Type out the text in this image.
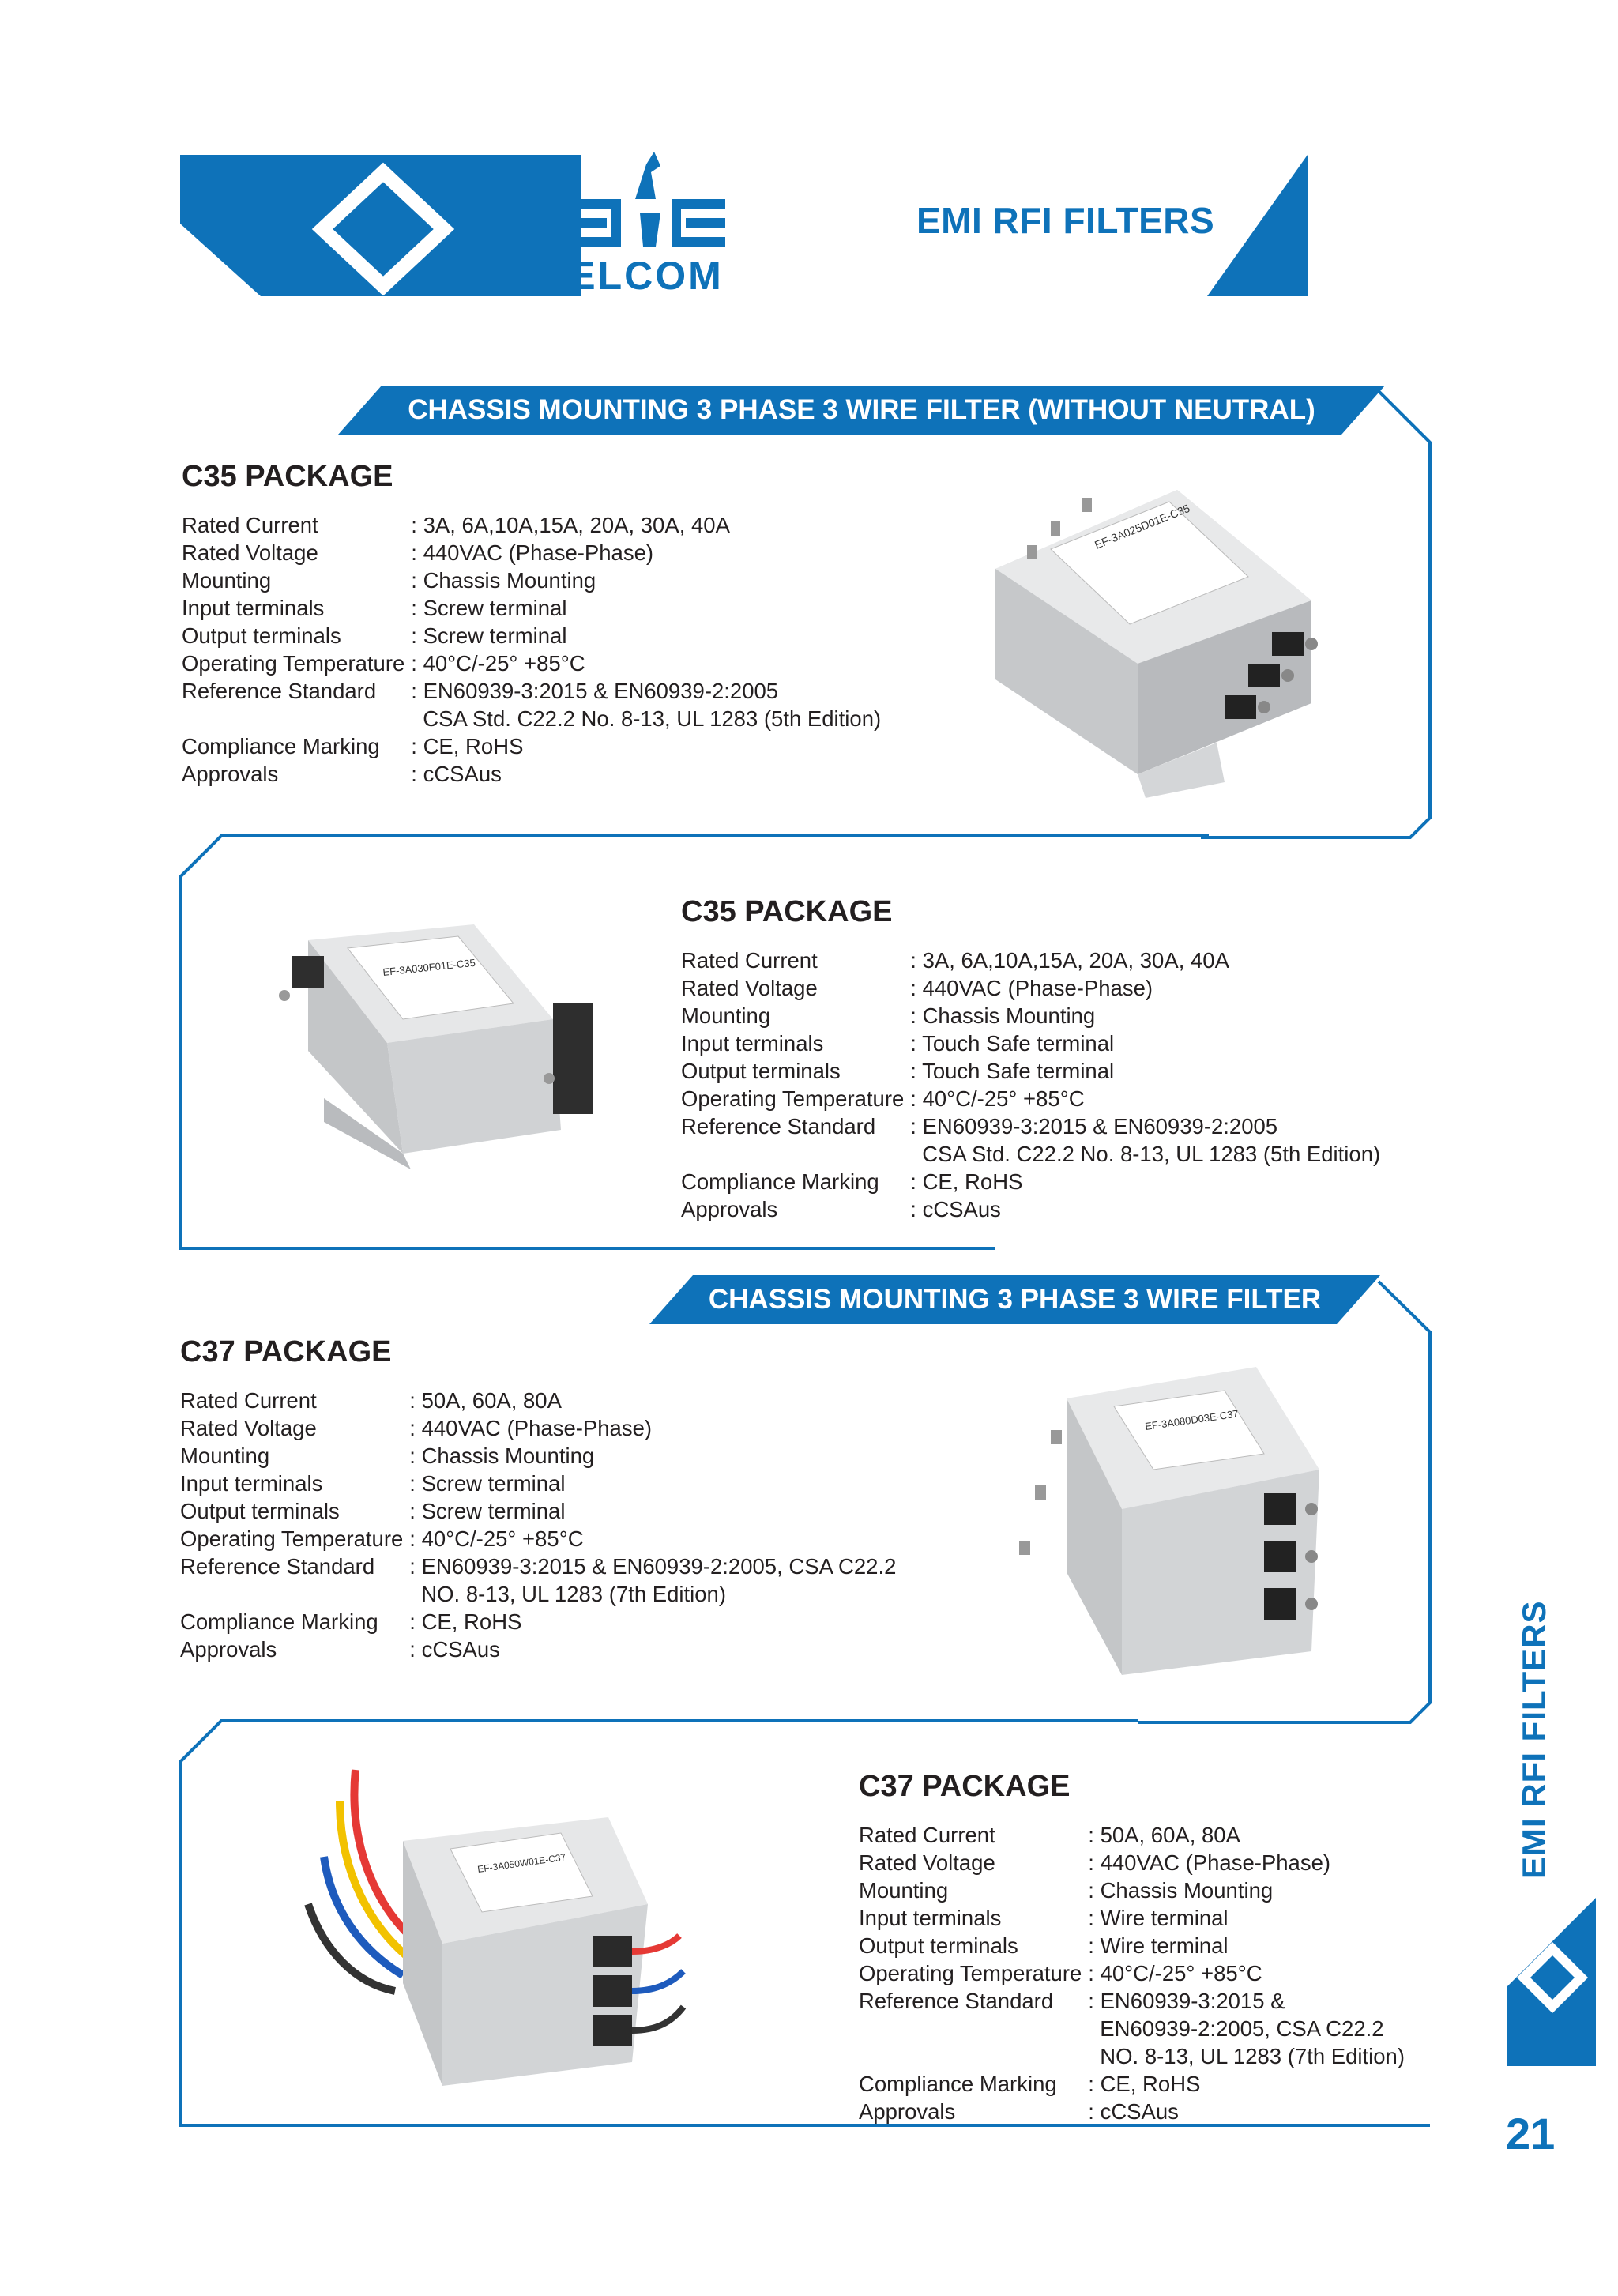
ELCOM
EMI RFI FILTERS
CHASSIS MOUNTING 3 PHASE 3 WIRE FILTER (WITHOUT NEUTRAL)
CHASSIS MOUNTING 3 PHASE 3 WIRE FILTER
C35 PACKAGE
Rated Current	: 3A, 6A,10A,15A, 20A, 30A, 40A
Rated Voltage	: 440VAC (Phase-Phase)
Mounting	: Chassis Mounting
Input terminals	: Screw terminal
Output terminals	: Screw terminal
Operating Temperature	: 40°C/-25° +85°C
Reference Standard	: EN60939-3:2015 & EN60939-2:2005
CSA Std. C22.2 No. 8-13, UL 1283 (5th Edition)

Compliance Marking	: CE, RoHS
Approvals	: cCSAus
EF-3A025D01E-C35
EF-3A030F01E-C35
C35 PACKAGE
Rated Current	: 3A, 6A,10A,15A, 20A, 30A, 40A
Rated Voltage	: 440VAC (Phase-Phase)
Mounting	: Chassis Mounting
Input terminals	: Touch Safe terminal
Output terminals	: Touch Safe terminal
Operating Temperature	: 40°C/-25° +85°C
Reference Standard	: EN60939-3:2015 & EN60939-2:2005
CSA Std. C22.2 No. 8-13, UL 1283 (5th Edition)

Compliance Marking	: CE, RoHS
Approvals	: cCSAus
C37 PACKAGE
Rated Current	: 50A, 60A, 80A
Rated Voltage	: 440VAC (Phase-Phase)
Mounting	: Chassis Mounting
Input terminals	: Screw terminal
Output terminals	: Screw terminal
Operating Temperature	: 40°C/-25° +85°C
Reference Standard	: EN60939-3:2015 & EN60939-2:2005, CSA C22.2
NO. 8-13, UL 1283 (7th Edition)

Compliance Marking	: CE, RoHS
Approvals	: cCSAus
EF-3A080D03E-C37
EF-3A050W01E-C37
C37 PACKAGE
Rated Current	: 50A, 60A, 80A
Rated Voltage	: 440VAC (Phase-Phase)
Mounting	: Chassis Mounting
Input terminals	: Wire terminal
Output terminals	: Wire terminal
Operating Temperature	: 40°C/-25° +85°C
Reference Standard	: EN60939-3:2015 &
EN60939-2:2005, CSA C22.2
NO. 8-13, UL 1283 (7th Edition)

Compliance Marking	: CE, RoHS
Approvals	: cCSAus
EMI RFI FILTERS
21
